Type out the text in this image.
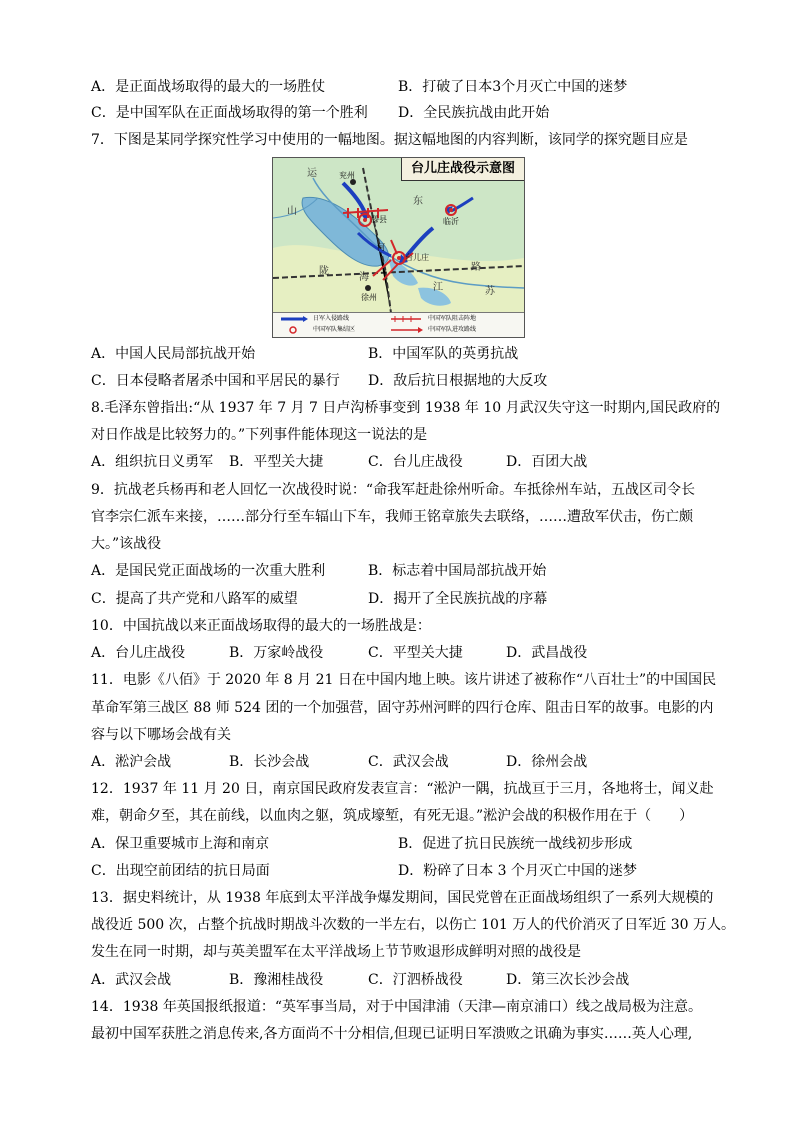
A．是正面战场取得的最大的一场胜仗	B．打破了日本3个月灭亡中国的迷梦
C．是中国军队在正面战场取得的第一个胜利 D．全民族抗战由此开始
7．下图是某同学探究性学习中使用的一幅地图。据这幅地图的内容判断，该同学的探究题目应是
台儿庄战役示意图
兖州
滕县	临沂
台儿庄
徐州
运
山
东
陇
海
路
江	苏
河
日军入侵路线
中国军队集结区
中国军队阻击阵地
中国军队进攻路线
A．中国人民局部抗战开始	B．中国军队的英勇抗战
C．日本侵略者屠杀中国和平居民的暴行 D．敌后抗日根据地的大反攻
8.毛泽东曾指出:“从 1937 年 7 月 7 日卢沟桥事变到 1938 年 10 月武汉失守这一时期内,国民政府的
对日作战是比较努力的。”下列事件能体现这一说法的是
A．组织抗日义勇军 B．平型关大捷	C．台儿庄战役	D．百团大战
9．抗战老兵杨再和老人回忆一次战役时说：“命我军赶赴徐州听命。车抵徐州车站，五战区司令长
官李宗仁派车来接，……部分行至车辐山下车，我师王铭章旅失去联络，……遭敌军伏击，伤亡颇
大。”该战役
A．是国民党正面战场的一次重大胜利	B．标志着中国局部抗战开始
C．提高了共产党和八路军的威望	D．揭开了全民族抗战的序幕
10．中国抗战以来正面战场取得的最大的一场胜战是：
A．台儿庄战役	B．万家岭战役	C．平型关大捷	D．武昌战役
11．电影《八佰》于 2020 年 8 月 21 日在中国内地上映。该片讲述了被称作“八百壮士”的中国国民
革命军第三战区 88 师 524 团的一个加强营，固守苏州河畔的四行仓库、阻击日军的故事。电影的内
容与以下哪场会战有关
A．淞沪会战	B．长沙会战	C．武汉会战	D．徐州会战
12．1937 年 11 月 20 日，南京国民政府发表宣言：“淞沪一隅，抗战亘于三月，各地将士，闻义赴
难，朝命夕至，其在前线，以血肉之躯，筑成壕堑，有死无退。”淞沪会战的积极作用在于（　　）
A．保卫重要城市上海和南京	B．促进了抗日民族统一战线初步形成
C．出现空前团结的抗日局面	D．粉碎了日本 3 个月灭亡中国的迷梦
13．据史料统计，从 1938 年底到太平洋战争爆发期间，国民党曾在正面战场组织了一系列大规模的
战役近 500 次，占整个抗战时期战斗次数的一半左右，以伤亡 101 万人的代价消灭了日军近 30 万人。
发生在同一时期，却与英美盟军在太平洋战场上节节败退形成鲜明对照的战役是
A．武汉会战	B．豫湘桂战役	C．汀泗桥战役	D．第三次长沙会战
14．1938 年英国报纸报道：“英军事当局，对于中国津浦（天津—南京浦口）线之战局极为注意。
最初中国军获胜之消息传来,各方面尚不十分相信,但现已证明日军溃败之讯确为事实……英人心理,
